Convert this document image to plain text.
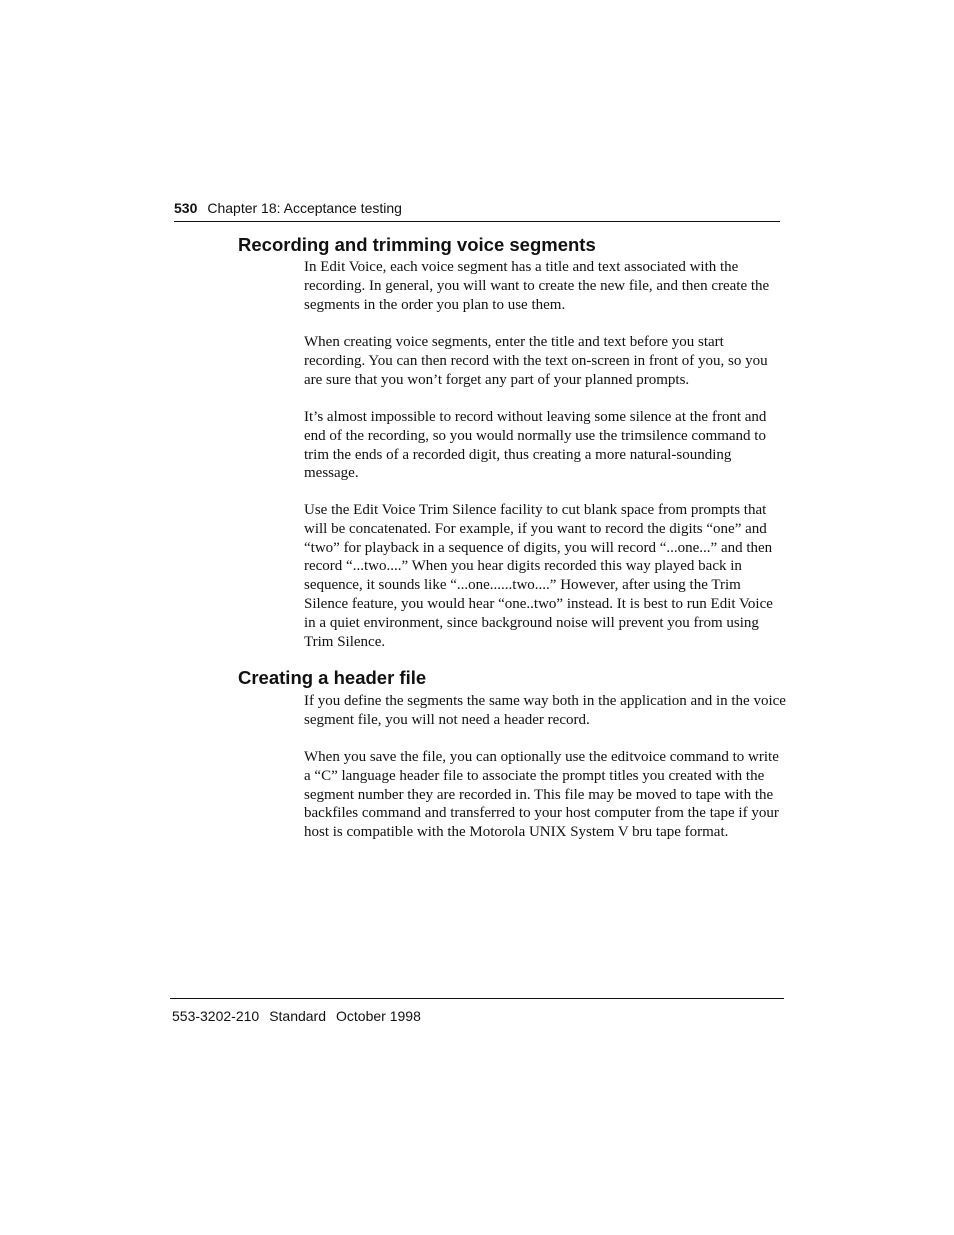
530 Chapter 18: Acceptance testing
Recording and trimming voice segments

In Edit Voice, each voice segment has a title and text associated with the recording. In general, you will want to create the new file, and then create the segments in the order you plan to use them.

When creating voice segments, enter the title and text before you start recording. You can then record with the text on-screen in front of you, so you are sure that you won’t forget any part of your planned prompts.

It’s almost impossible to record without leaving some silence at the front and end of the recording, so you would normally use the trimsilence command to trim the ends of a recorded digit, thus creating a more natural-sounding message.

Use the Edit Voice Trim Silence facility to cut blank space from prompts that will be concatenated. For example, if you want to record the digits “one” and “two” for playback in a sequence of digits, you will record “...one...” and then record “...two....” When you hear digits recorded this way played back in sequence, it sounds like “...one......two....” However, after using the Trim Silence feature, you would hear “one..two” instead. It is best to run Edit Voice in a quiet environment, since background noise will prevent you from using Trim Silence.

Creating a header file

If you define the segments the same way both in the application and in the voice segment file, you will not need a header record.

When you save the file, you can optionally use the editvoice command to write a “C” language header file to associate the prompt titles you created with the segment number they are recorded in. This file may be moved to tape with the backfiles command and transferred to your host computer from the tape if your host is compatible with the Motorola UNIX System V bru tape format.

553-3202-210 Standard October 1998
